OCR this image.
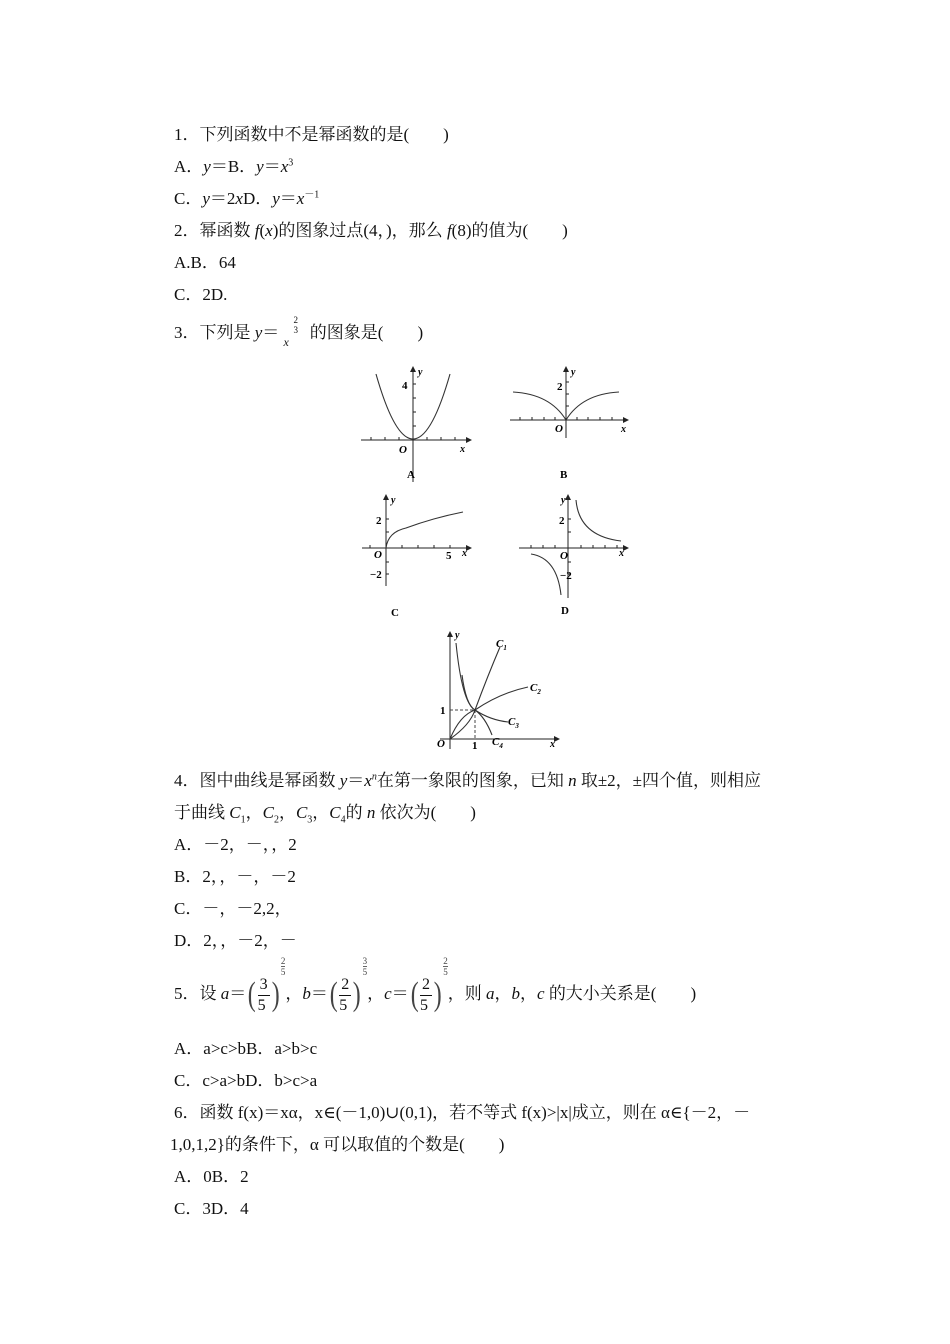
1．下列函数中不是幂函数的是(　　)
A．y＝B．$y=x^3$
C．y＝2xD．$y=x^{-1}$
2．幂函数 f(x)的图象过点(4，)，那么 f(8)的值为(　　)
A.B．64
C．2D.
3．下列是 y＝
x
2
3 的图象是(　　)
4
y
x
O
A
2
y
x
O
B
2
−2
5
y
x
O
C
2
−2
y
x
O
D
y
x
O
1
1
$C_1$
$C_2$
$C_3$
$C_4$
4．图中曲线是幂函数 $y=x^n$在第一象限的图象，已知 n 取±2，±四个值，则相应
于曲线 $C_1$，$C_2$，$C_3$，$C_4$的 n 依次为(　　)
A．－2，－，，2
B．2，，－，－2
C．－，－2,2，
D．2，，－2，－
5．设 $a=( \frac{3}{5}$ )
$\frac{2}{5}$
，$b=( \frac{2}{5}$ )
$\frac{3}{5}$
，$c=( \frac{2}{5}$ )
$\frac{2}{5}$
，则 a，b，c 的大小关系是(　　)
A．a>c>bB．a>b>c
C．c>a>bD．b>c>a
6．函数 f(x)＝xα，x∈(－1,0)∪(0,1)，若不等式 f(x)>|x|成立，则在 α∈{－2，－
1,0,1,2}的条件下，α 可以取值的个数是(　　)
A．0B．2
C．3D．4
